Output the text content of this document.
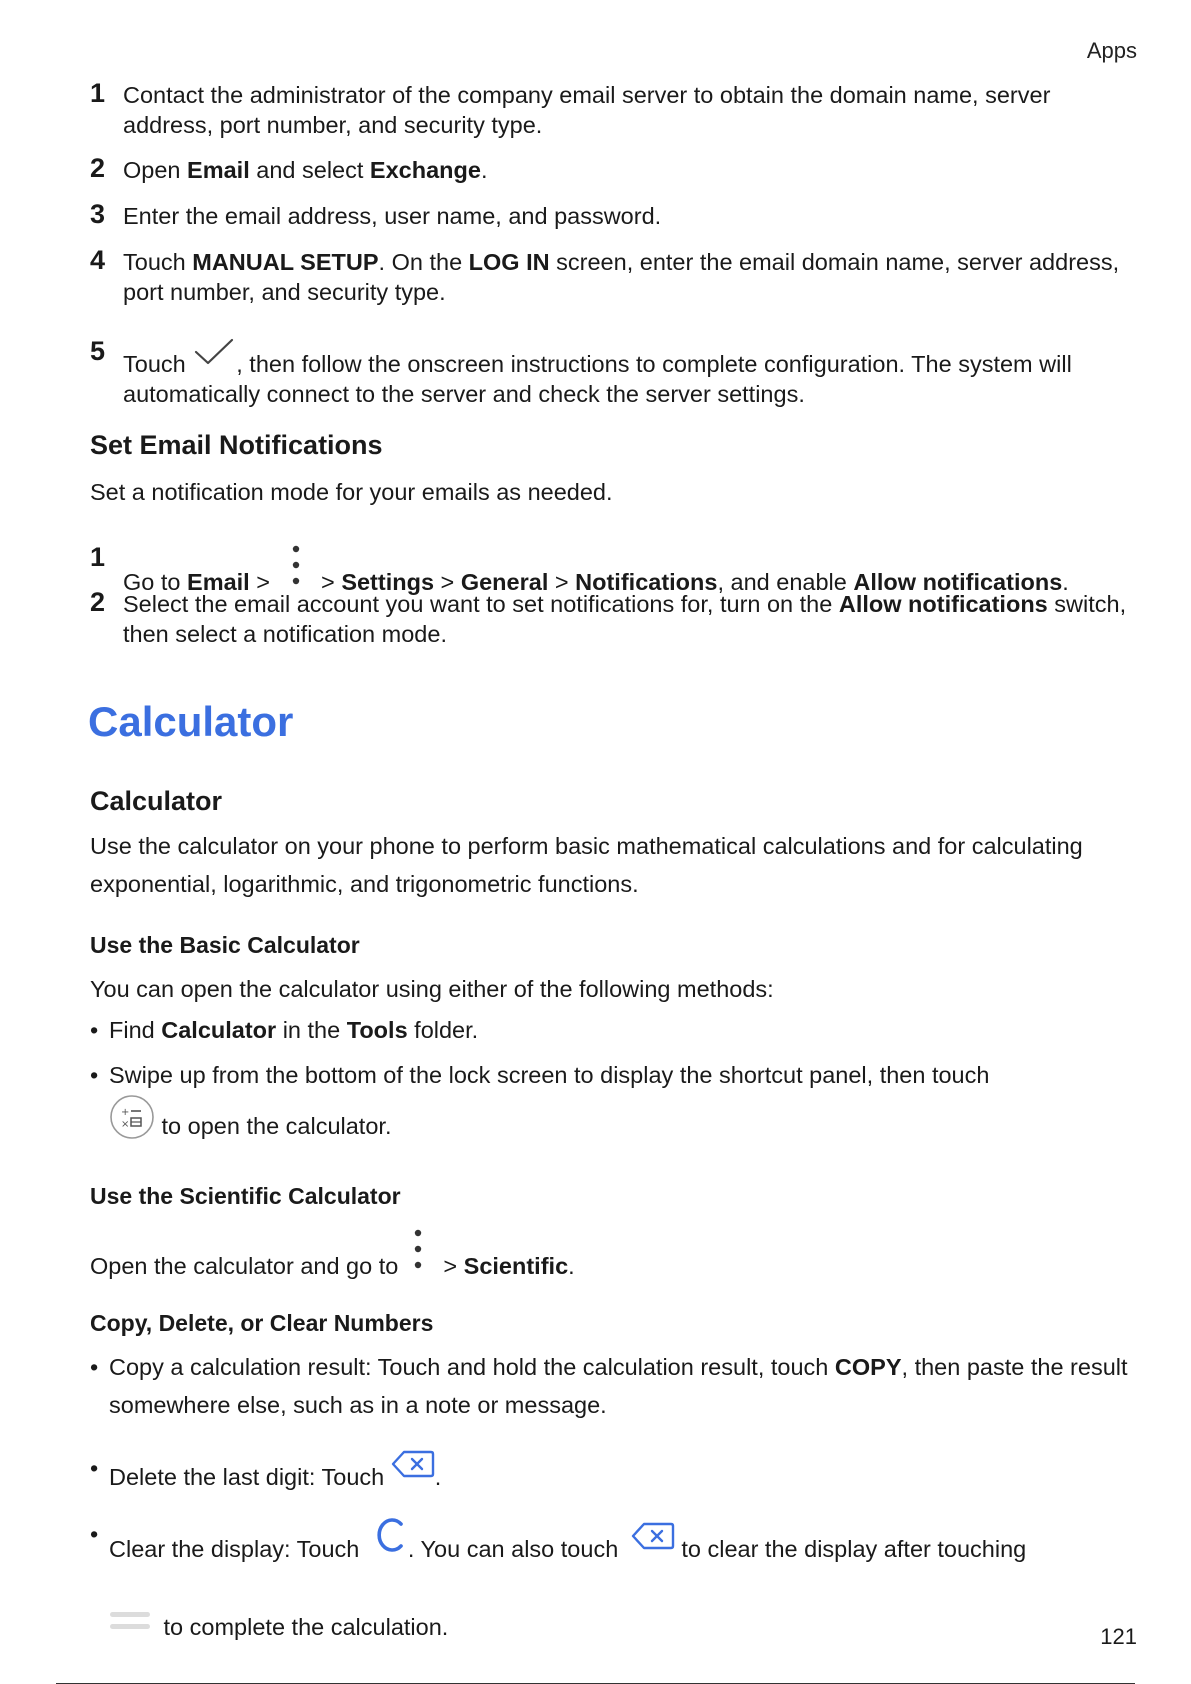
Apps
1 Contact the administrator of the company email server to obtain the domain name, server address, port number, and security type.
2 Open Email and select Exchange.
3 Enter the email address, user name, and password.
4 Touch MANUAL SETUP. On the LOG IN screen, enter the email domain name, server address, port number, and security type.
5 Touch , then follow the onscreen instructions to complete configuration. The system will automatically connect to the server and check the server settings.
Set Email Notifications
Set a notification mode for your emails as needed.
1
Go to Email >  > Settings > General > Notifications, and enable Allow notifications.
2 Select the email account you want to set notifications for, turn on the Allow notifications switch, then select a notification mode.
Calculator
Calculator
Use the calculator on your phone to perform basic mathematical calculations and for calculating exponential, logarithmic, and trigonometric functions.
Use the Basic Calculator
You can open the calculator using either of the following methods:
• Find Calculator in the Tools folder.
• Swipe up from the bottom of the lock screen to display the shortcut panel, then touch

+
× to open the calculator.
Use the Scientific Calculator
Open the calculator and go to  > Scientific.
Copy, Delete, or Clear Numbers
• Copy a calculation result: Touch and hold the calculation result, touch COPY, then paste the result somewhere else, such as in a note or message.
• Delete the last digit: Touch .
•
Clear the display: Touch . You can also touch  to clear the display after touching

to complete the calculation.	121
